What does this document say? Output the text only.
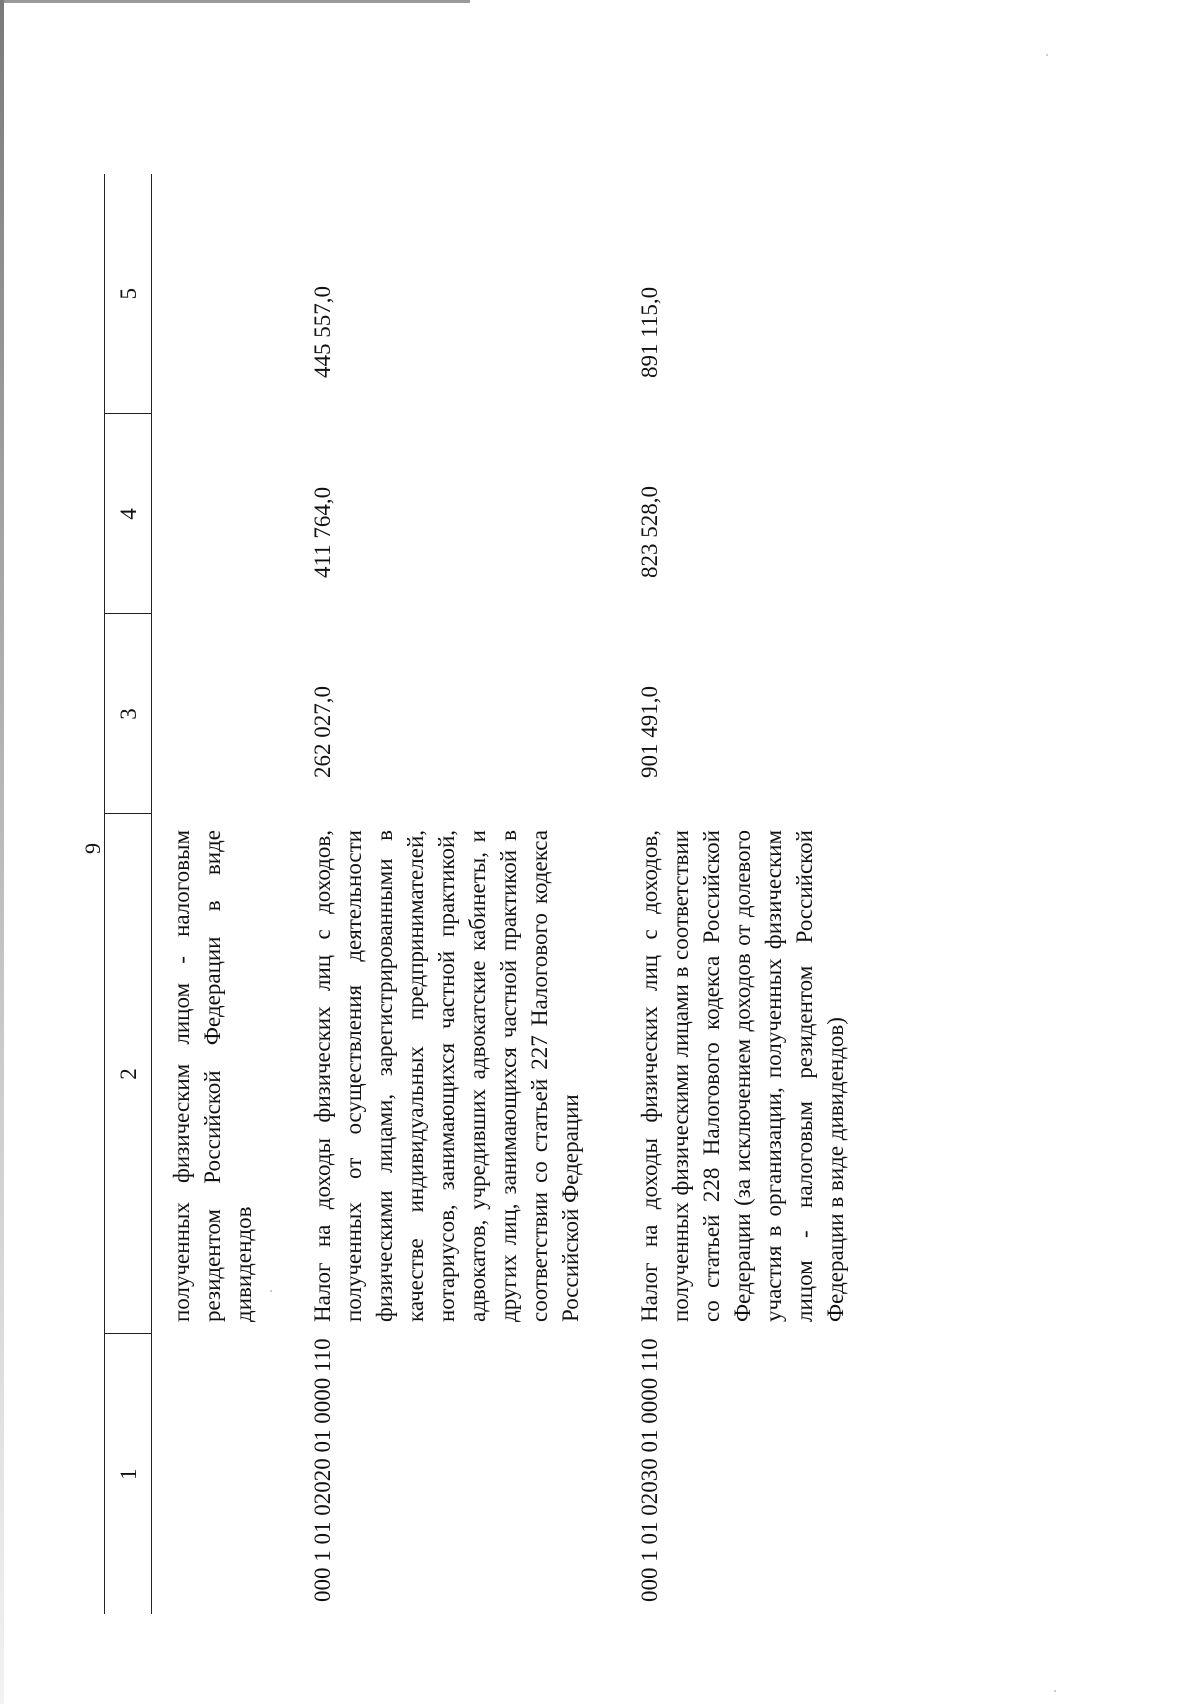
9
1	2	3	4	5
	полученных физическим лицом - налоговым резидентом Российской Федерации в виде дивидендов			
000 1 01 02020 01 0000 110	Налог на доходы физических лиц с доходов, полученных от осуществления деятельности физическими лицами, зарегистрированными в качестве индивидуальных предпринимателей, нотариусов, занимающихся частной практикой, адвокатов, учредивших адвокатские кабинеты, и других лиц, занимающихся частной практикой в соответствии со статьей 227 Налогового кодекса Российской Федерации	262 027,0	411 764,0	445 557,0
000 1 01 02030 01 0000 110	Налог на доходы физических лиц с доходов, полученных физическими лицами в соответствии со статьей 228 Налогового кодекса Российской Федерации (за исключением доходов от долевого участия в организации, полученных физическим лицом - налоговым резидентом Российской Федерации в виде дивидендов)	901 491,0	823 528,0	891 115,0
